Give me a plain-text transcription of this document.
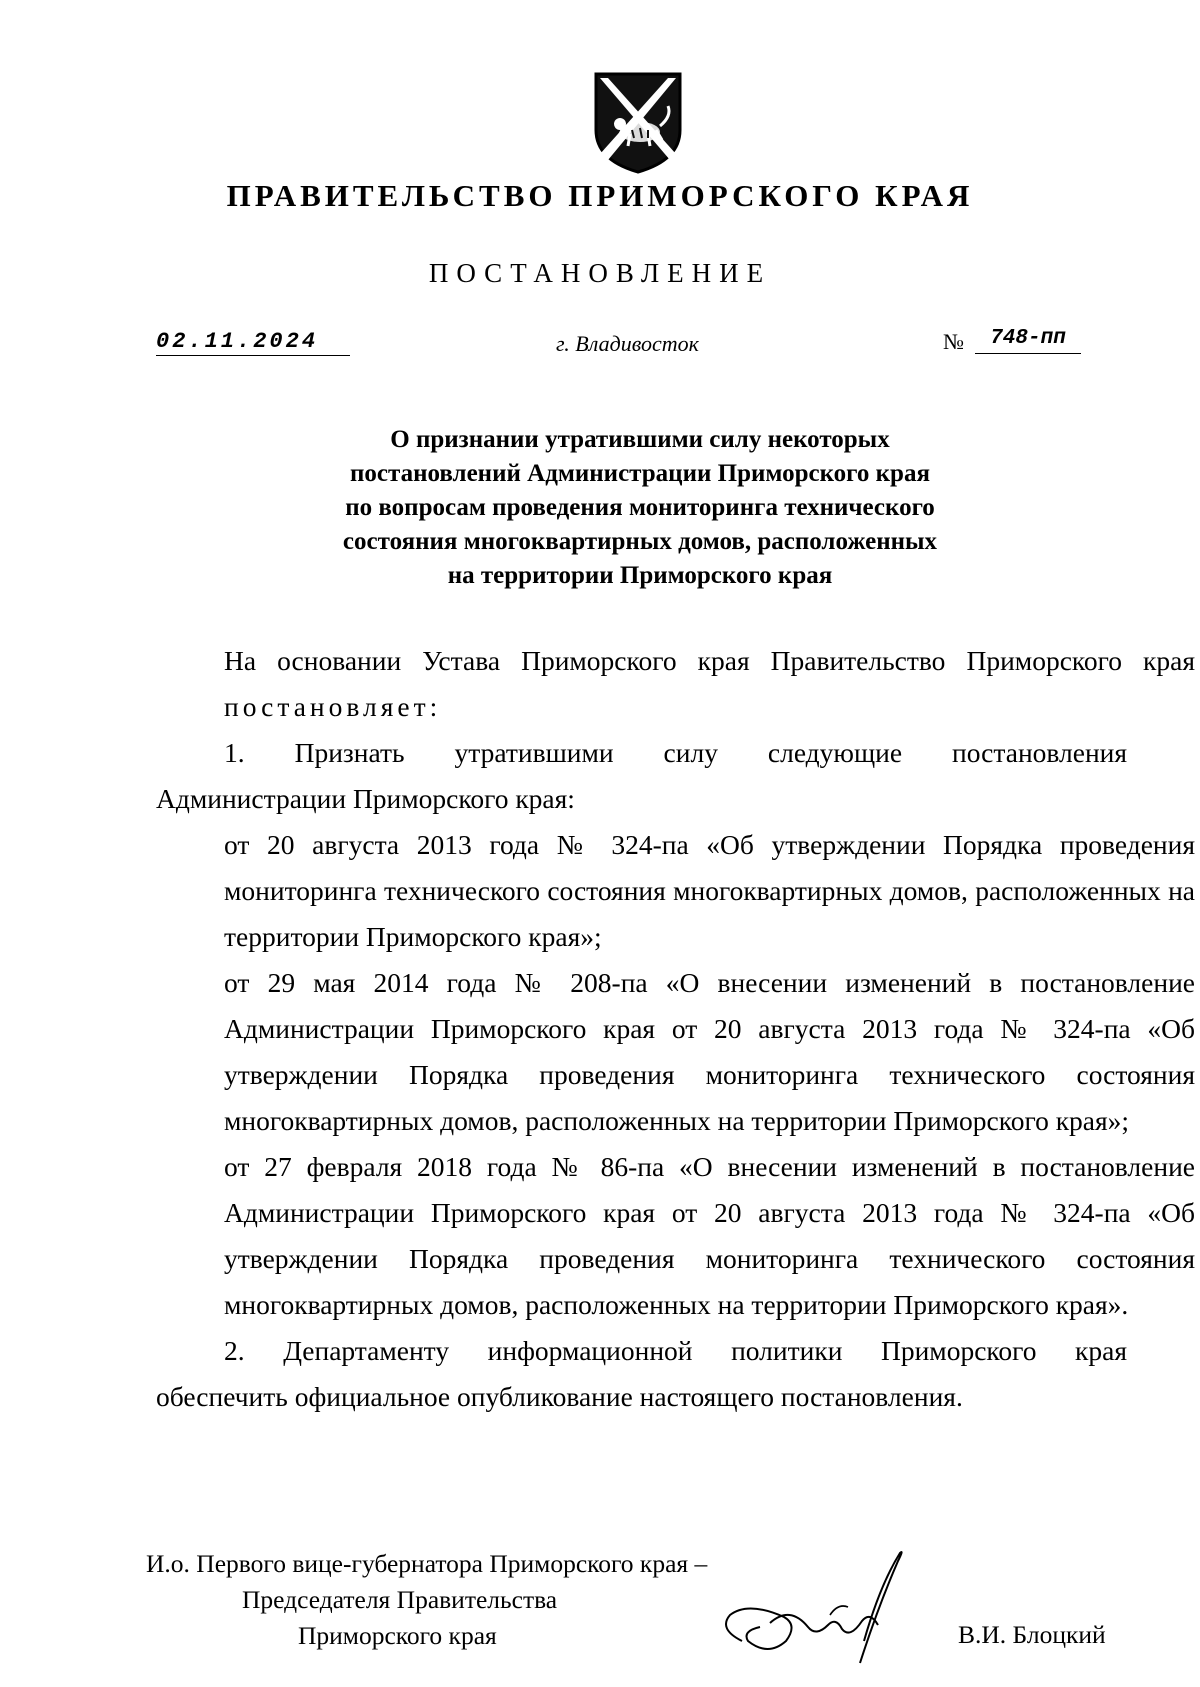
ПРАВИТЕЛЬСТВО ПРИМОРСКОГО КРАЯ
ПОСТАНОВЛЕНИЕ
02.11.2024	г. Владивосток	№	748-пп
О признании утратившими силу некоторых
постановлений Администрации Приморского края
по вопросам проведения мониторинга технического
состояния многоквартирных домов, расположенных
на территории Приморского края

На основании Устава Приморского края Правительство Приморского края постановляет:

1. Признать утратившими силу следующие постановления
Администрации Приморского края:

от 20 августа 2013 года № 324-па «Об утверждении Порядка проведения мониторинга технического состояния многоквартирных домов, расположенных на территории Приморского края»;

от 29 мая 2014 года № 208-па «О внесении изменений в постановление Администрации Приморского края от 20 августа 2013 года № 324-па «Об утверждении Порядка проведения мониторинга технического состояния многоквартирных домов, расположенных на территории Приморского края»;

от 27 февраля 2018 года № 86-па «О внесении изменений в постановление Администрации Приморского края от 20 августа 2013 года № 324-па «Об утверждении Порядка проведения мониторинга технического состояния многоквартирных домов, расположенных на территории Приморского края».

2. Департаменту информационной политики Приморского края
обеспечить официальное опубликование настоящего постановления.

И.о. Первого вице-губернатора Приморского края –
Председателя Правительства
Приморского края	В.И. Блоцкий
